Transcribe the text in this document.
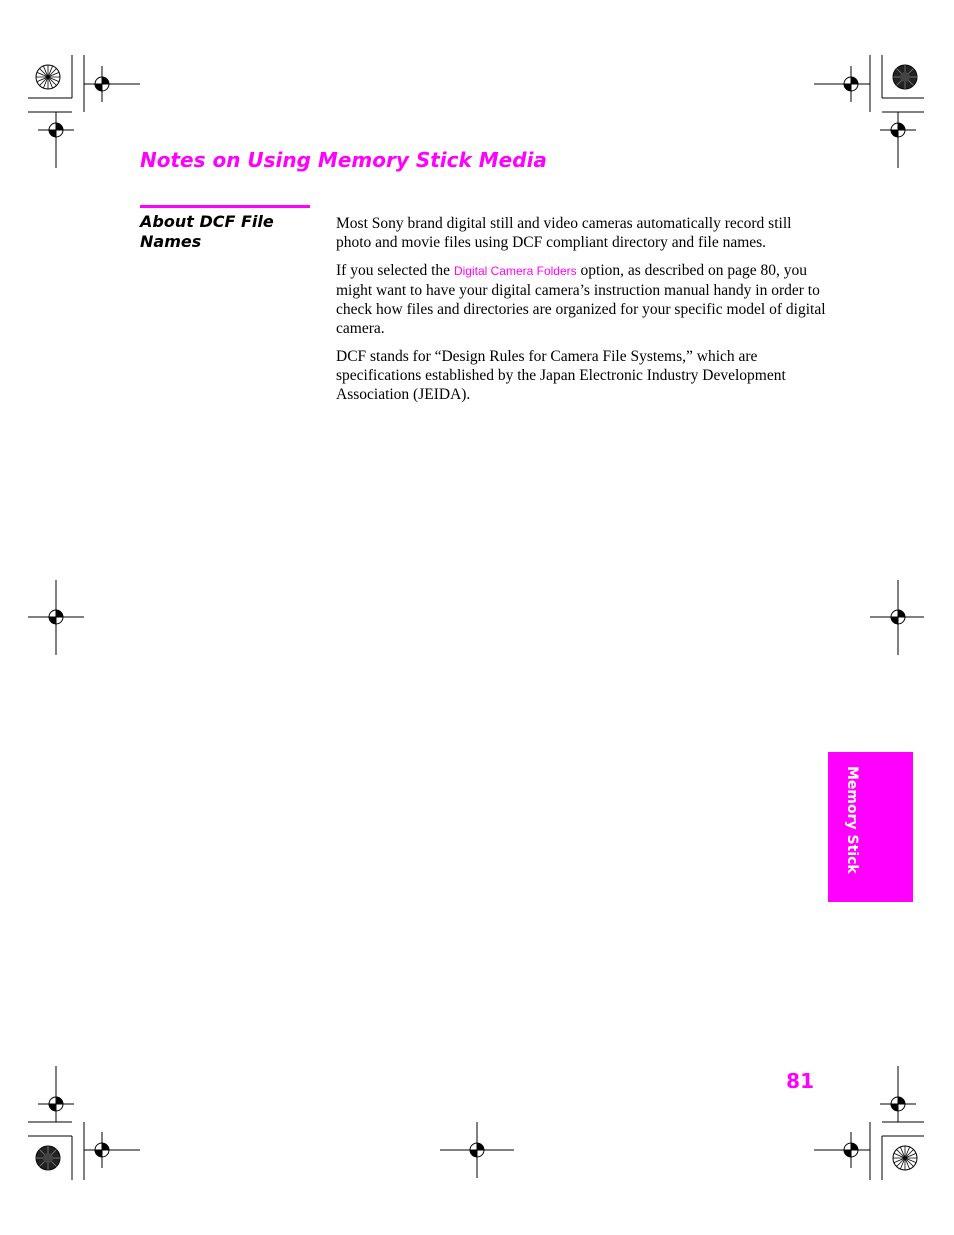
Notes on Using Memory Stick Media
About DCF File Names

Most Sony brand digital still and video cameras automatically record still photo and movie files using DCF compliant directory and file names.

If you selected the Digital Camera Folders option, as described on page 80, you might want to have your digital camera’s instruction manual handy in order to check how files and directories are organized for your specific model of digital camera.

DCF stands for “Design Rules for Camera File Systems,” which are specifications established by the Japan Electronic Industry Development Association (JEIDA).

Memory Stick
81
